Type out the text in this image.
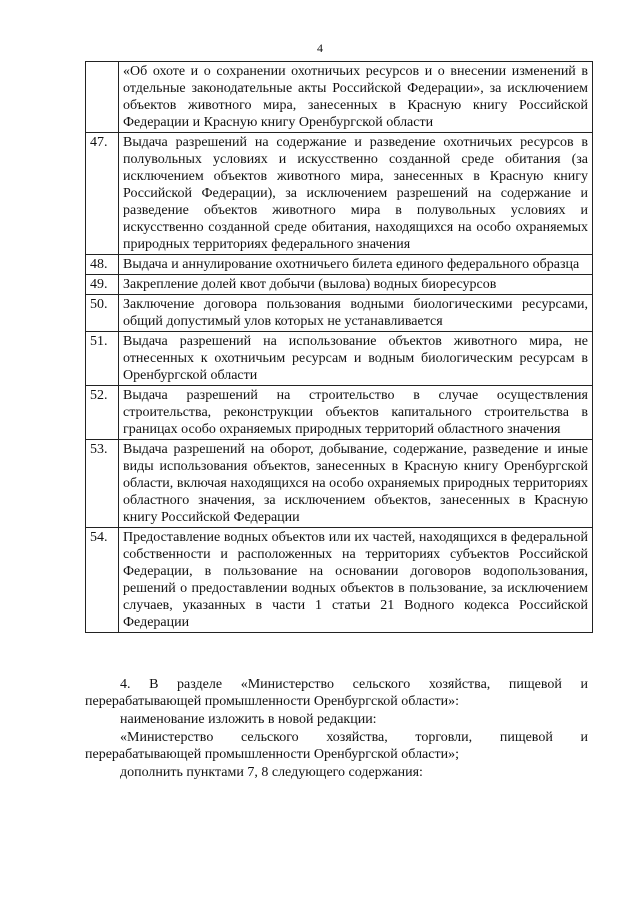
4
	«Об охоте и о сохранении охотничьих ресурсов и о внесении изменений в отдельные законодательные акты Российской Федерации», за исключением объектов животного мира, занесенных в Красную книгу Российской Федерации и Красную книгу Оренбургской области
47.	Выдача разрешений на содержание и разведение охотничьих ресурсов в полувольных условиях и искусственно созданной среде обитания (за исключением объектов животного мира, занесенных в Красную книгу Российской Федерации), за исключением разрешений на содержание и разведение объектов животного мира в полувольных условиях и искусственно созданной среде обитания, находящихся на особо охраняемых природных территориях федерального значения
48.	Выдача и аннулирование охотничьего билета единого федерального образца
49.	Закрепление долей квот добычи (вылова) водных биоресурсов
50.	Заключение договора пользования водными биологическими ресурсами, общий допустимый улов которых не устанавливается
51.	Выдача разрешений на использование объектов животного мира, не отнесенных к охотничьим ресурсам и водным биологическим ресурсам в Оренбургской области
52.	Выдача разрешений на строительство в случае осуществления строительства, реконструкции объектов капитального строительства в границах особо охраняемых природных территорий областного значения
53.	Выдача разрешений на оборот, добывание, содержание, разведение и иные виды использования объектов, занесенных в Красную книгу Оренбургской области, включая находящихся на особо охраняемых природных территориях областного значения, за исключением объектов, занесенных в Красную книгу Российской Федерации
54.	Предоставление водных объектов или их частей, находящихся в федеральной собственности и расположенных на территориях субъектов Российской Федерации, в пользование на основании договоров водопользования, решений о предоставлении водных объектов в пользование, за исключением случаев, указанных в части 1 статьи 21 Водного кодекса Российской Федерации
4. В разделе «Министерство сельского хозяйства, пищевой и
перерабатывающей промышленности Оренбургской области»:
наименование изложить в новой редакции:
«Министерство сельского хозяйства, торговли, пищевой и
перерабатывающей промышленности Оренбургской области»;
дополнить пунктами 7, 8 следующего содержания:
